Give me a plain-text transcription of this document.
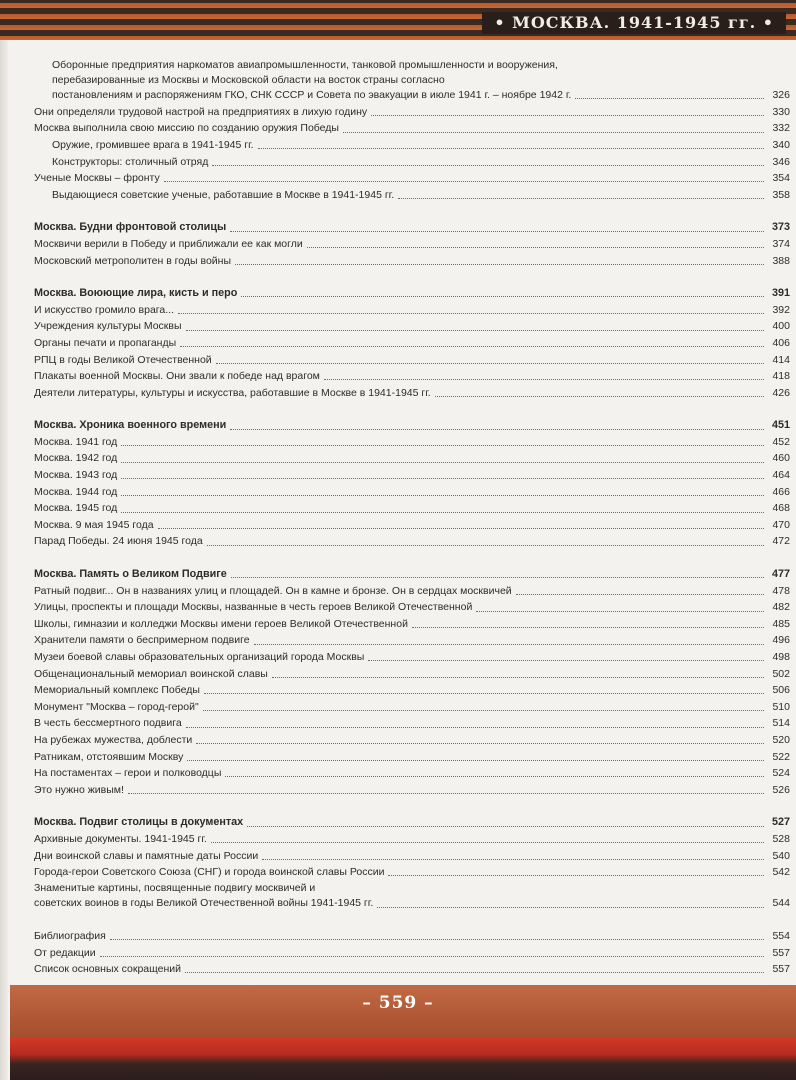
• МОСКВА. 1941-1945 гг. •
Оборонные предприятия наркоматов авиапромышленности, танковой промышленности и вооружения,
перебазированные из Москвы и Московской области на восток страны согласно
постановлениям и распоряжениям ГКО, СНК СССР и Совета по эвакуации в июле 1941 г. – ноябре 1942 г.	326
Они определяли трудовой настрой на предприятиях в лихую годину	330
Москва выполнила свою миссию по созданию оружия Победы	332
Оружие, громившее врага в 1941-1945 гг.	340
Конструкторы: столичный отряд	346
Ученые Москвы – фронту	354
Выдающиеся советские ученые, работавшие в Москве в 1941-1945 гг.	358
Москва. Будни фронтовой столицы	373
Москвичи верили в Победу и приближали ее как могли	374
Московский метрополитен в годы войны	388
Москва. Воюющие лира, кисть и перо	391
И искусство громило врага...	392
Учреждения культуры Москвы	400
Органы печати и пропаганды	406
РПЦ в годы Великой Отечественной	414
Плакаты военной Москвы. Они звали к победе над врагом	418
Деятели литературы, культуры и искусства, работавшие в Москве в 1941-1945 гг.	426
Москва. Хроника военного времени	451
Москва. 1941 год	452
Москва. 1942 год	460
Москва. 1943 год	464
Москва. 1944 год	466
Москва. 1945 год	468
Москва. 9 мая 1945 года	470
Парад Победы. 24 июня 1945 года	472
Москва. Память о Великом Подвиге	477
Ратный подвиг... Он в названиях улиц и площадей. Он в камне и бронзе. Он в сердцах москвичей	478
Улицы, проспекты и площади Москвы, названные в честь героев Великой Отечественной	482
Школы, гимназии и колледжи Москвы имени героев Великой Отечественной	485
Хранители памяти о беспримерном подвиге	496
Музеи боевой славы образовательных организаций города Москвы	498
Общенациональный мемориал воинской славы	502
Мемориальный комплекс Победы	506
Монумент "Москва – город-герой"	510
В честь бессмертного подвига	514
На рубежах мужества, доблести	520
Ратникам, отстоявшим Москву	522
На постаментах – герои и полководцы	524
Это нужно живым!	526
Москва. Подвиг столицы в документах	527
Архивные документы. 1941-1945 гг.	528
Дни воинской славы и памятные даты России	540
Города-герои Советского Союза (СНГ) и города воинской славы России	542
Знаменитые картины, посвященные подвигу москвичей и
советских воинов в годы Великой Отечественной войны 1941-1945 гг.	544
Библиография	554
От редакции	557
Список основных сокращений	557
– 559 –
